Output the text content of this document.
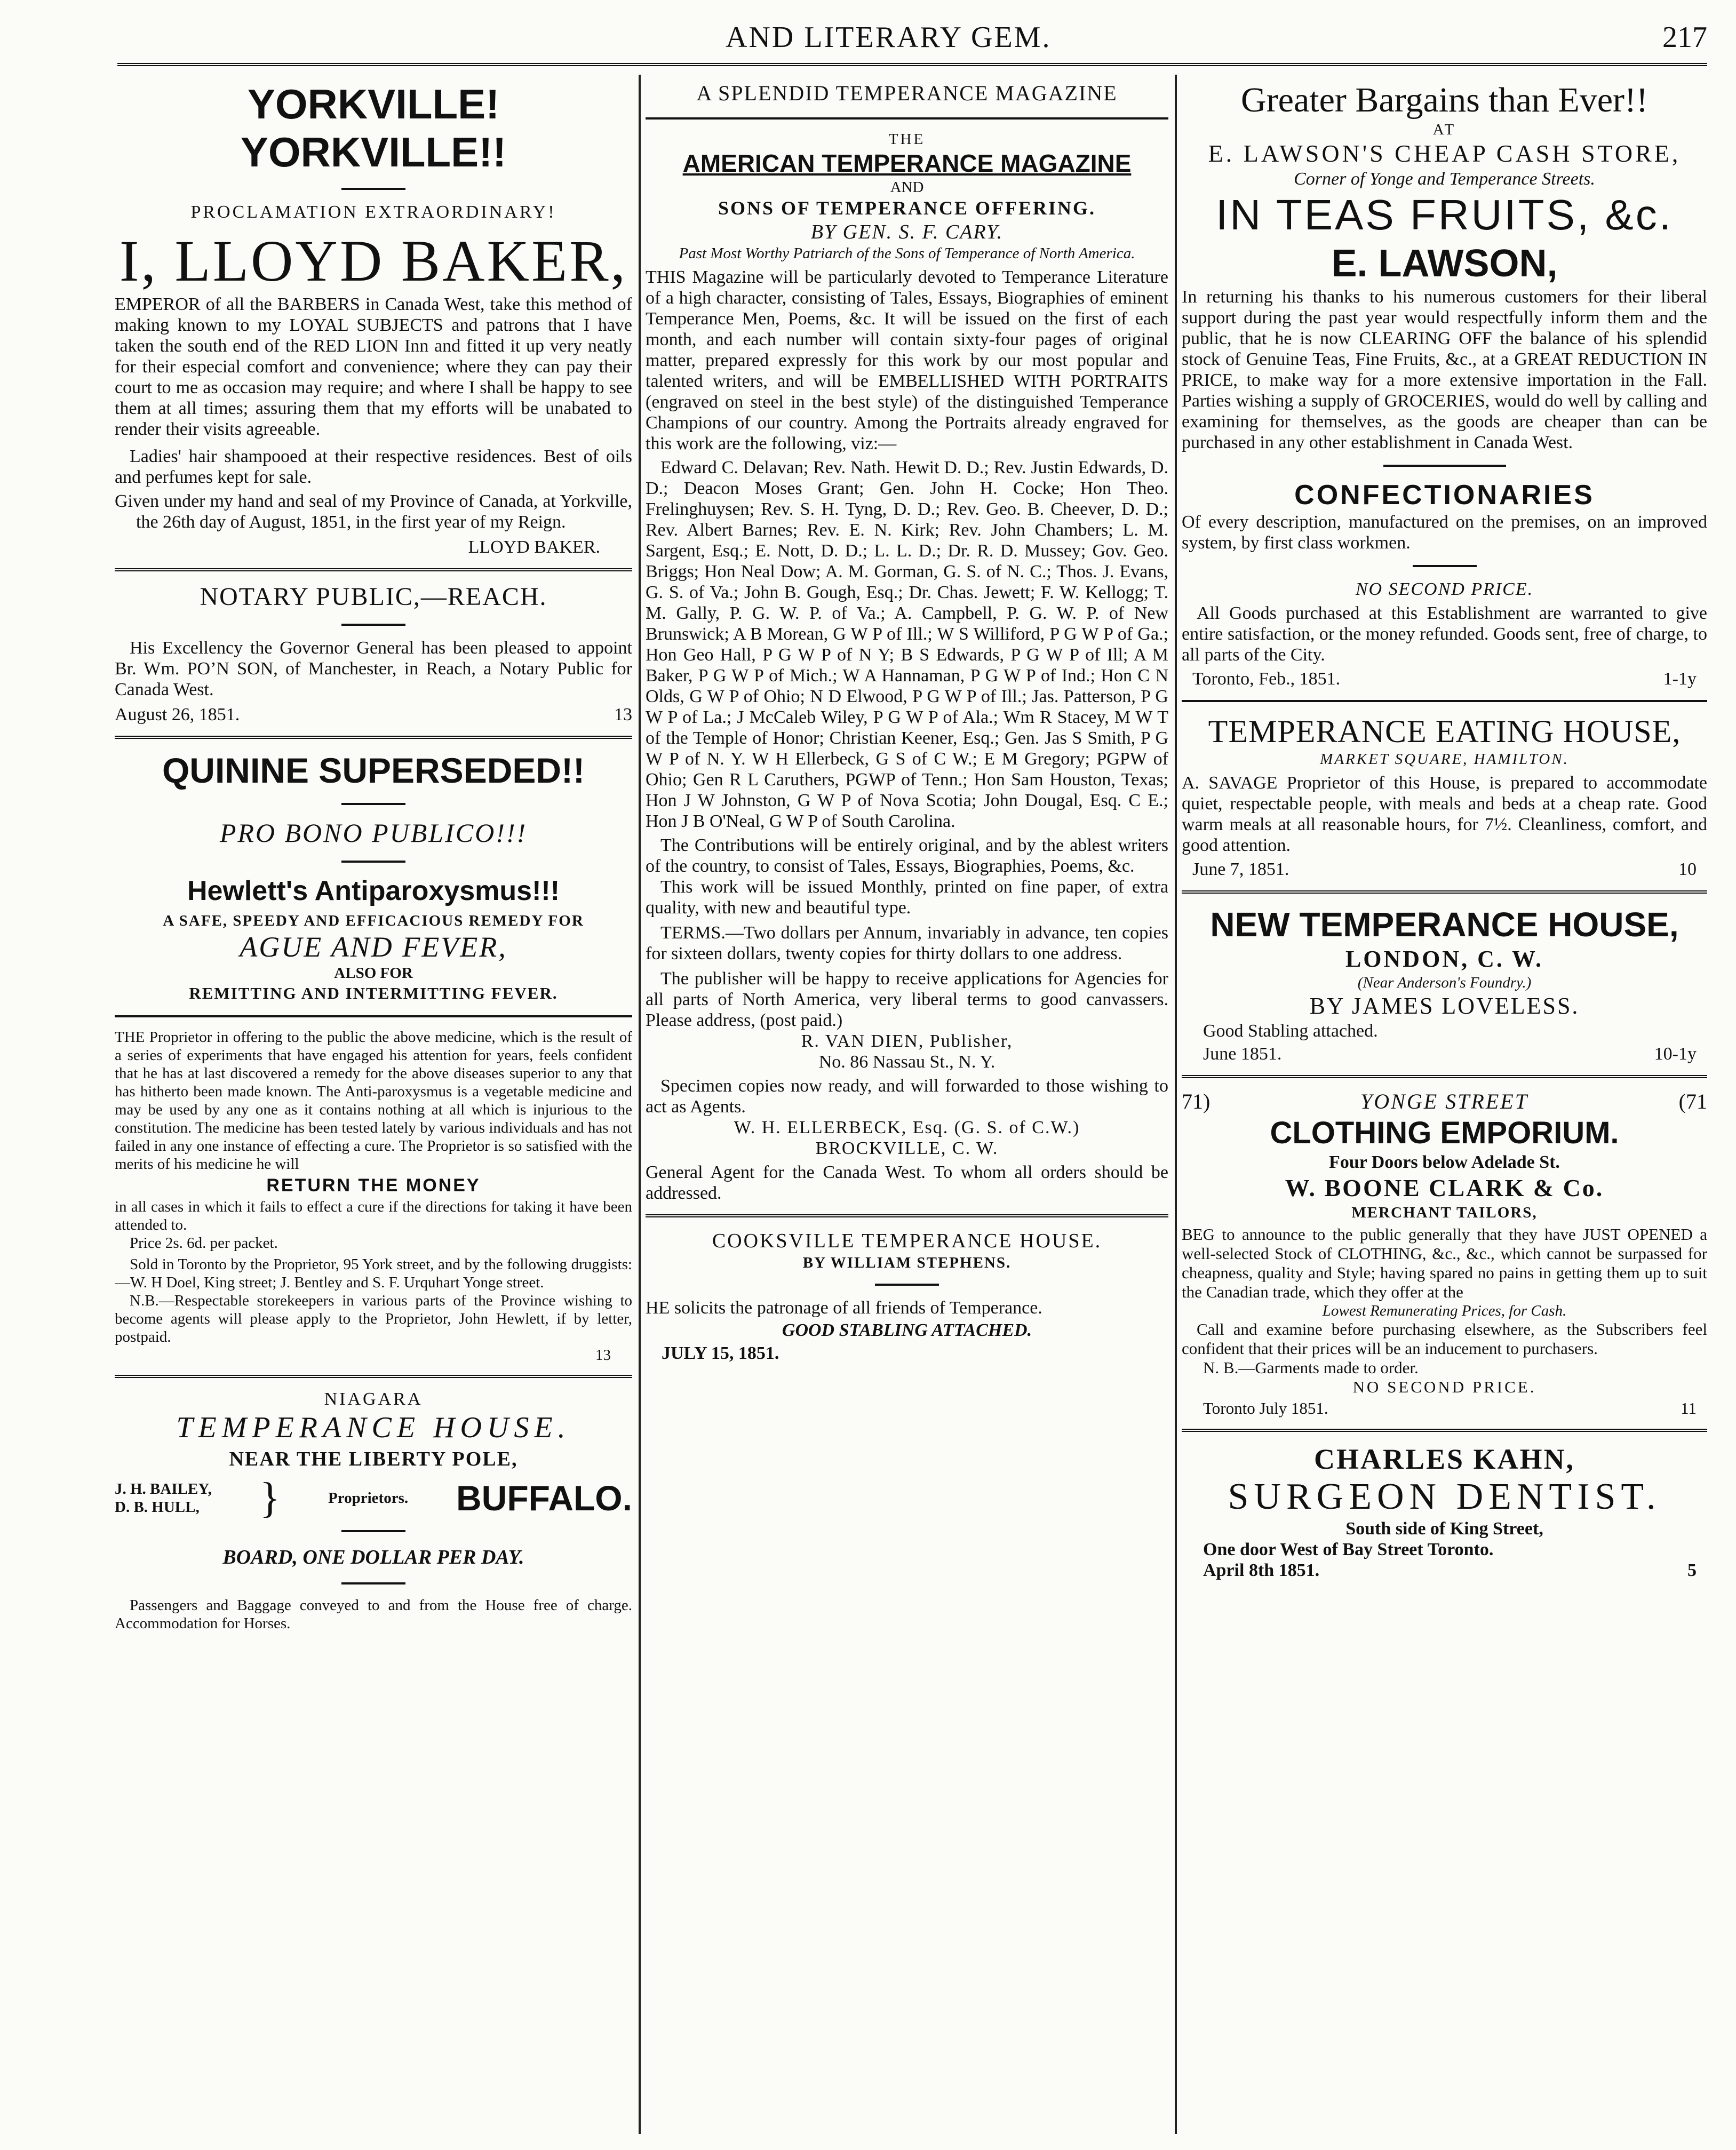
AND LITERARY GEM.	217

YORKVILLE! YORKVILLE!!

PROCLAMATION EXTRAORDINARY!

I, LLOYD BAKER,

EMPEROR of all the BARBERS in Canada West, take this method of making known to my LOYAL SUBJECTS and patrons that I have taken the south end of the RED LION Inn and fitted it up very neatly for their especial comfort and convenience; where they can pay their court to me as occasion may require; and where I shall be happy to see them at all times; assuring them that my efforts will be unabated to render their visits agreeable.

Ladies' hair shampooed at their respective residences. Best of oils and perfumes kept for sale.

Given under my hand and seal of my Province of Canada, at Yorkville, the 26th day of August, 1851, in the first year of my Reign.

LLOYD BAKER.

NOTARY PUBLIC,—REACH.

His Excellency the Governor General has been pleased to appoint Br. Wm. PO’N SON, of Manchester, in Reach, a Notary Public for Canada West.

August 26, 1851.	13

QUININE SUPERSEDED!!

PRO BONO PUBLICO!!!

Hewlett's Antiparoxysmus!!!

A SAFE, SPEEDY AND EFFICACIOUS REMEDY FOR

AGUE AND FEVER,

ALSO FOR

REMITTING AND INTERMITTING FEVER.

THE Proprietor in offering to the public the above medicine, which is the result of a series of experiments that have engaged his attention for years, feels confident that he has at last discovered a remedy for the above diseases superior to any that has hitherto been made known. The Anti-paroxysmus is a vegetable medicine and may be used by any one as it contains nothing at all which is injurious to the constitution. The medicine has been tested lately by various individuals and has not failed in any one instance of effecting a cure. The Proprietor is so satisfied with the merits of his medicine he will

RETURN THE MONEY

in all cases in which it fails to effect a cure if the directions for taking it have been attended to.

Price 2s. 6d. per packet.

Sold in Toronto by the Proprietor, 95 York street, and by the following druggists:—W. H Doel, King street; J. Bentley and S. F. Urquhart Yonge street.

N.B.—Respectable storekeepers in various parts of the Province wishing to become agents will please apply to the Proprietor, John Hewlett, if by letter, postpaid.

13

NIAGARA

TEMPERANCE HOUSE.

NEAR THE LIBERTY POLE,

J. H. BAILEY,

D. B. HULL, }	Proprietors. BUFFALO.

BOARD, ONE DOLLAR PER DAY.

Passengers and Baggage conveyed to and from the House free of charge. Accommodation for Horses.

A SPLENDID TEMPERANCE MAGAZINE

THE

AMERICAN TEMPERANCE MAGAZINE

AND

SONS OF TEMPERANCE OFFERING.

BY GEN. S. F. CARY.

Past Most Worthy Patriarch of the Sons of Temperance of North America.

THIS Magazine will be particularly devoted to Temperance Literature of a high character, consisting of Tales, Essays, Biographies of eminent Temperance Men, Poems, &c. It will be issued on the first of each month, and each number will contain sixty-four pages of original matter, prepared expressly for this work by our most popular and talented writers, and will be EMBELLISHED WITH PORTRAITS (engraved on steel in the best style) of the distinguished Temperance Champions of our country. Among the Portraits already engraved for this work are the following, viz:—

Edward C. Delavan; Rev. Nath. Hewit D. D.; Rev. Justin Edwards, D. D.; Deacon Moses Grant; Gen. John H. Cocke; Hon Theo. Frelinghuysen; Rev. S. H. Tyng, D. D.; Rev. Geo. B. Cheever, D. D.; Rev. Albert Barnes; Rev. E. N. Kirk; Rev. John Chambers; L. M. Sargent, Esq.; E. Nott, D. D.; L. L. D.; Dr. R. D. Mussey; Gov. Geo. Briggs; Hon Neal Dow; A. M. Gorman, G. S. of N. C.; Thos. J. Evans, G. S. of Va.; John B. Gough, Esq.; Dr. Chas. Jewett; F. W. Kellogg; T. M. Gally, P. G. W. P. of Va.; A. Campbell, P. G. W. P. of New Brunswick; A B Morean, G W P of Ill.; W S Williford, P G W P of Ga.; Hon Geo Hall, P G W P of N Y; B S Edwards, P G W P of Ill; A M Baker, P G W P of Mich.; W A Hannaman, P G W P of Ind.; Hon C N Olds, G W P of Ohio; N D Elwood, P G W P of Ill.; Jas. Patterson, P G W P of La.; J McCaleb Wiley, P G W P of Ala.; Wm R Stacey, M W T of the Temple of Honor; Christian Keener, Esq.; Gen. Jas S Smith, P G W P of N. Y. W H Ellerbeck, G S of C W.; E M Gregory; PGPW of Ohio; Gen R L Caruthers, PGWP of Tenn.; Hon Sam Houston, Texas; Hon J W Johnston, G W P of Nova Scotia; John Dougal, Esq. C E.; Hon J B O'Neal, G W P of South Carolina.

The Contributions will be entirely original, and by the ablest writers of the country, to consist of Tales, Essays, Biographies, Poems, &c.

This work will be issued Monthly, printed on fine paper, of extra quality, with new and beautiful type.

TERMS.—Two dollars per Annum, invariably in advance, ten copies for sixteen dollars, twenty copies for thirty dollars to one address.

The publisher will be happy to receive applications for Agencies for all parts of North America, very liberal terms to good canvassers. Please address, (post paid.)

R. VAN DIEN, Publisher,

No. 86 Nassau St., N. Y.

Specimen copies now ready, and will forwarded to those wishing to act as Agents.

W. H. ELLERBECK, Esq. (G. S. of C.W.)

BROCKVILLE, C. W.

General Agent for the Canada West. To whom all orders should be addressed.

COOKSVILLE TEMPERANCE HOUSE.

BY WILLIAM STEPHENS.

HE solicits the patronage of all friends of Temperance.

GOOD STABLING ATTACHED.

JULY 15, 1851.

Greater Bargains than Ever!!

AT

E. LAWSON'S CHEAP CASH STORE,

Corner of Yonge and Temperance Streets.

IN TEAS FRUITS, &c.

E. LAWSON,

In returning his thanks to his numerous customers for their liberal support during the past year would respectfully inform them and the public, that he is now CLEARING OFF the balance of his splendid stock of Genuine Teas, Fine Fruits, &c., at a GREAT REDUCTION IN PRICE, to make way for a more extensive importation in the Fall. Parties wishing a supply of GROCERIES, would do well by calling and examining for themselves, as the goods are cheaper than can be purchased in any other establishment in Canada West.

CONFECTIONARIES

Of every description, manufactured on the premises, on an improved system, by first class workmen.

NO SECOND PRICE.

All Goods purchased at this Establishment are warranted to give entire satisfaction, or the money refunded. Goods sent, free of charge, to all parts of the City.

Toronto, Feb., 1851.	1-1y

TEMPERANCE EATING HOUSE,

MARKET SQUARE, HAMILTON.

A. SAVAGE Proprietor of this House, is prepared to accommodate quiet, respectable people, with meals and beds at a cheap rate. Good warm meals at all reasonable hours, for 7½. Cleanliness, comfort, and good attention.

June 7, 1851.	10

NEW TEMPERANCE HOUSE,

LONDON, C. W.

(Near Anderson's Foundry.)

BY JAMES LOVELESS.

Good Stabling attached.

June 1851.	10-1y
71)	YONGE STREET	(71

CLOTHING EMPORIUM.

Four Doors below Adelade St.

W. BOONE CLARK & Co.

MERCHANT TAILORS,

BEG to announce to the public generally that they have JUST OPENED a well-selected Stock of CLOTHING, &c., &c., which cannot be surpassed for cheapness, quality and Style; having spared no pains in getting them up to suit the Canadian trade, which they offer at the

Lowest Remunerating Prices, for Cash.

Call and examine before purchasing elsewhere, as the Subscribers feel confident that their prices will be an inducement to purchasers.

N. B.—Garments made to order.

NO SECOND PRICE.

Toronto July 1851.	11

CHARLES KAHN,

SURGEON DENTIST.

South side of King Street,

One door West of Bay Street Toronto.

April 8th 1851.	5
